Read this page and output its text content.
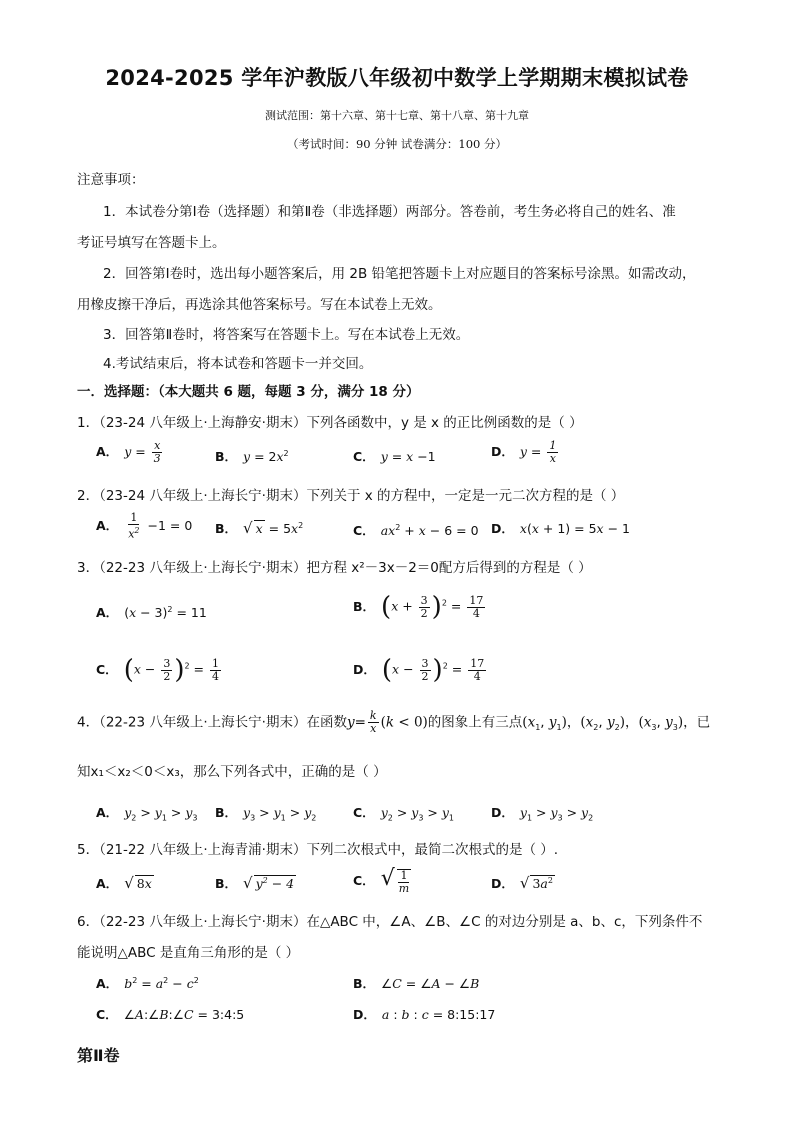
2024-2025 学年沪教版八年级初中数学上学期期末模拟试卷
测试范围：第十六章、第十七章、第十八章、第十九章
（考试时间：90 分钟 试卷满分：100 分）
注意事项：
1．本试卷分第Ⅰ卷（选择题）和第Ⅱ卷（非选择题）两部分。答卷前，考生务必将自己的姓名、准
考证号填写在答题卡上。
2．回答第Ⅰ卷时，选出每小题答案后，用 2B 铅笔把答题卡上对应题目的答案标号涂黑。如需改动，
用橡皮擦干净后，再选涂其他答案标号。写在本试卷上无效。
3．回答第Ⅱ卷时，将答案写在答题卡上。写在本试卷上无效。
4.考试结束后，将本试卷和答题卡一并交回。
一．选择题：（本大题共 6 题，每题 3 分，满分 18 分）
1．（23-24 八年级上·上海静安·期末）下列各函数中，y 是 x 的正比例函数的是（ ）
A． $y = \frac{x}{3}$	B． $y = 2x^2$	C． y = x −1	D． $y = \frac{1}{x}$
2．（23-24 八年级上·上海长宁·期末）下列关于 x 的方程中，一定是一元二次方程的是（ ）
A． $\frac{1}{x^2} -1 = 0$ B． √ $x = 5x^2$	C． $ax^2 + x - 6 = 0$ D． x(x + 1) = 5x − 1
3．（22-23 八年级上·上海长宁·期末）把方程 x²－3x－2＝0配方后得到的方程是（ ）
A． $(x - 3)^2 = 11$	B． $(x + \frac{3}{2} )^2 = \frac{17}{4}$
C． $(x - \frac{3}{2} )^2 = \frac{1}{4}$	D． $(x - \frac{3}{2} )^2 = \frac{17}{4}$
4．（22-23 八年级上·上海长宁·期末）在函数$y= \frac{k}{x} (k < 0)$的图象上有三点($x_1$, $y_1$)，($x_2$, $y_2$)，($x_3$, $y_3$)，已
知x₁＜x₂＜0＜x₃，那么下列各式中，正确的是（ ）
A． $y_2 > y_1 > y_3$ B． $y_3 > y_1 > y_2$	C． $y_2 > y_3 > y_1$	D． $y_1 > y_3 > y_2$
5．（21-22 八年级上·上海青浦·期末）下列二次根式中，最简二次根式的是（ ）.
A． √ 8x	B． √ $y^2 - 4$	C． √ $\frac{1}{m}$	D． √ $3a^2$
6．（22-23 八年级上·上海长宁·期末）在△ABC 中，∠A、∠B、∠C 的对边分别是 a、b、c，下列条件不
能说明△ABC 是直角三角形的是（ ）
A． $b^2 = a^2 - c^2$	B． ∠C = ∠A − ∠B
C． ∠A:∠B:∠C = 3:4:5	D． a : b : c = 8:15:17
第Ⅱ卷
